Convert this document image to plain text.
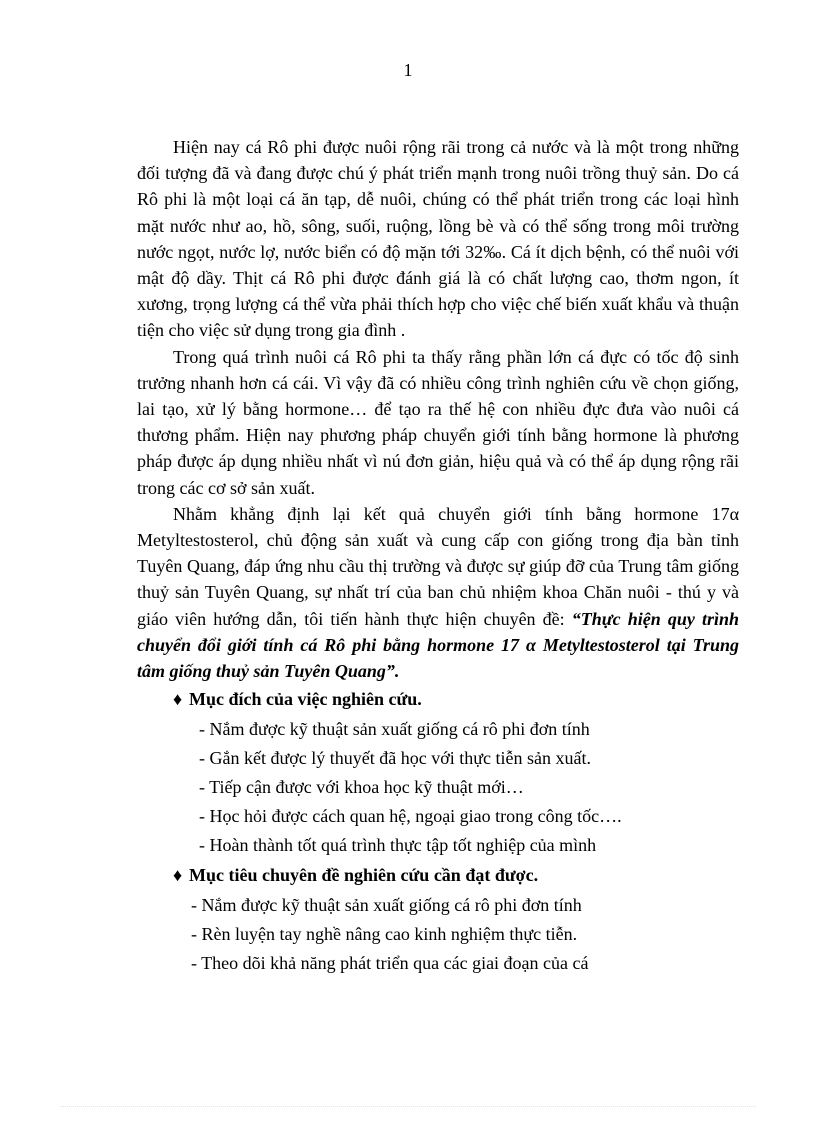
1

Hiện nay cá Rô phi được nuôi rộng rãi trong cả nước và là một trong những đối tượng đã và đang được chú ý phát triển mạnh trong nuôi trồng thuỷ sản. Do cá Rô phi là một loại cá ăn tạp, dễ nuôi, chúng có thể phát triển trong các loại hình mặt nước như ao, hồ, sông, suối, ruộng, lồng bè và có thể sống trong môi trường nước ngọt, nước lợ, nước biển có độ mặn tới 32‰. Cá ít dịch bệnh, có thể nuôi với mật độ dầy. Thịt cá Rô phi được đánh giá là có chất lượng cao, thơm ngon, ít xương, trọng lượng cá thể vừa phải thích hợp cho việc chế biến xuất khẩu và thuận tiện cho việc sử dụng trong gia đình .

Trong quá trình nuôi cá Rô phi ta thấy rằng phần lớn cá đực có tốc độ sinh trưởng nhanh hơn cá cái. Vì vậy đã có nhiều công trình nghiên cứu về chọn giống, lai tạo, xử lý bằng hormone… để tạo ra thế hệ con nhiều đực đưa vào nuôi cá thương phẩm. Hiện nay phương pháp chuyển giới tính bằng hormone là phương pháp được áp dụng nhiều nhất vì nú đơn giản, hiệu quả và có thể áp dụng rộng rãi trong các cơ sở sản xuất.

Nhằm khẳng định lại kết quả chuyển giới tính bằng hormone 17α Metyltestosterol, chủ động sản xuất và cung cấp con giống trong địa bàn tỉnh Tuyên Quang, đáp ứng nhu cầu thị trường và được sự giúp đỡ của Trung tâm giống thuỷ sản Tuyên Quang, sự nhất trí của ban chủ nhiệm khoa Chăn nuôi - thú y và giáo viên hướng dẫn, tôi tiến hành thực hiện chuyên đề: “Thực hiện quy trình chuyển đổi giới tính cá Rô phi bằng hormone 17 α Metyltestosterol tại Trung tâm giống thuỷ sản Tuyên Quang”.

♦ Mục đích của việc nghiên cứu.
- Nắm được kỹ thuật sản xuất giống cá rô phi đơn tính
- Gắn kết được lý thuyết đã học với thực tiễn sản xuất.
- Tiếp cận được với khoa học kỹ thuật mới…
- Học hỏi được cách quan hệ, ngoại giao trong công tốc….
- Hoàn thành tốt quá trình thực tập tốt nghiệp của mình
♦ Mục tiêu chuyên đề nghiên cứu cần đạt được.
- Nắm được kỹ thuật sản xuất giống cá rô phi đơn tính
- Rèn luyện tay nghề nâng cao kinh nghiệm thực tiễn.
- Theo dõi khả năng phát triển qua các giai đoạn của cá
